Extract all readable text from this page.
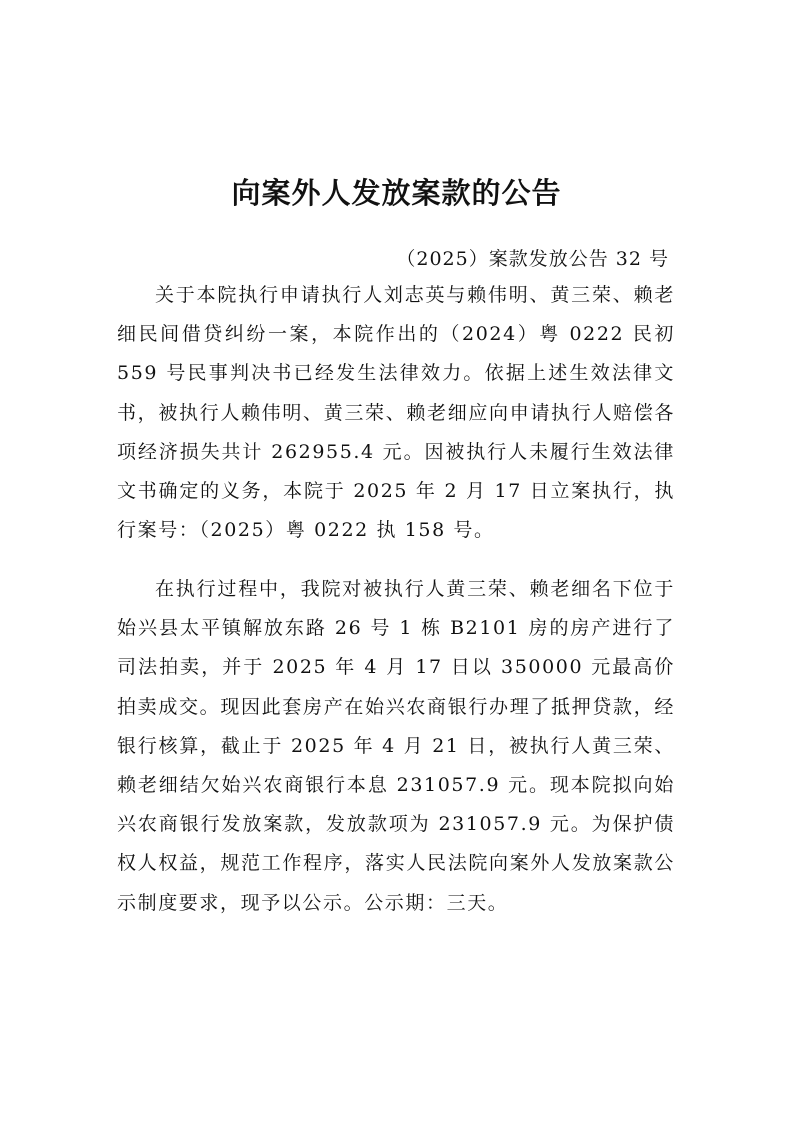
向案外人发放案款的公告
（2025）案款发放公告 32 号

关于本院执行申请执行人刘志英与赖伟明、黄三荣、赖老细民间借贷纠纷一案，本院作出的（2024）粤 0222 民初 559 号民事判决书已经发生法律效力。依据上述生效法律文书，被执行人赖伟明、黄三荣、赖老细应向申请执行人赔偿各项经济损失共计 262955.4 元。因被执行人未履行生效法律文书确定的义务，本院于 2025 年 2 月 17 日立案执行，执行案号：（2025）粤 0222 执 158 号。

在执行过程中，我院对被执行人黄三荣、赖老细名下位于始兴县太平镇解放东路 26 号 1 栋 B2101 房的房产进行了司法拍卖，并于 2025 年 4 月 17 日以 350000 元最高价拍卖成交。现因此套房产在始兴农商银行办理了抵押贷款，经银行核算，截止于 2025 年 4 月 21 日，被执行人黄三荣、赖老细结欠始兴农商银行本息 231057.9 元。现本院拟向始兴农商银行发放案款，发放款项为 231057.9 元。为保护债权人权益，规范工作程序，落实人民法院向案外人发放案款公示制度要求，现予以公示。公示期：三天。
